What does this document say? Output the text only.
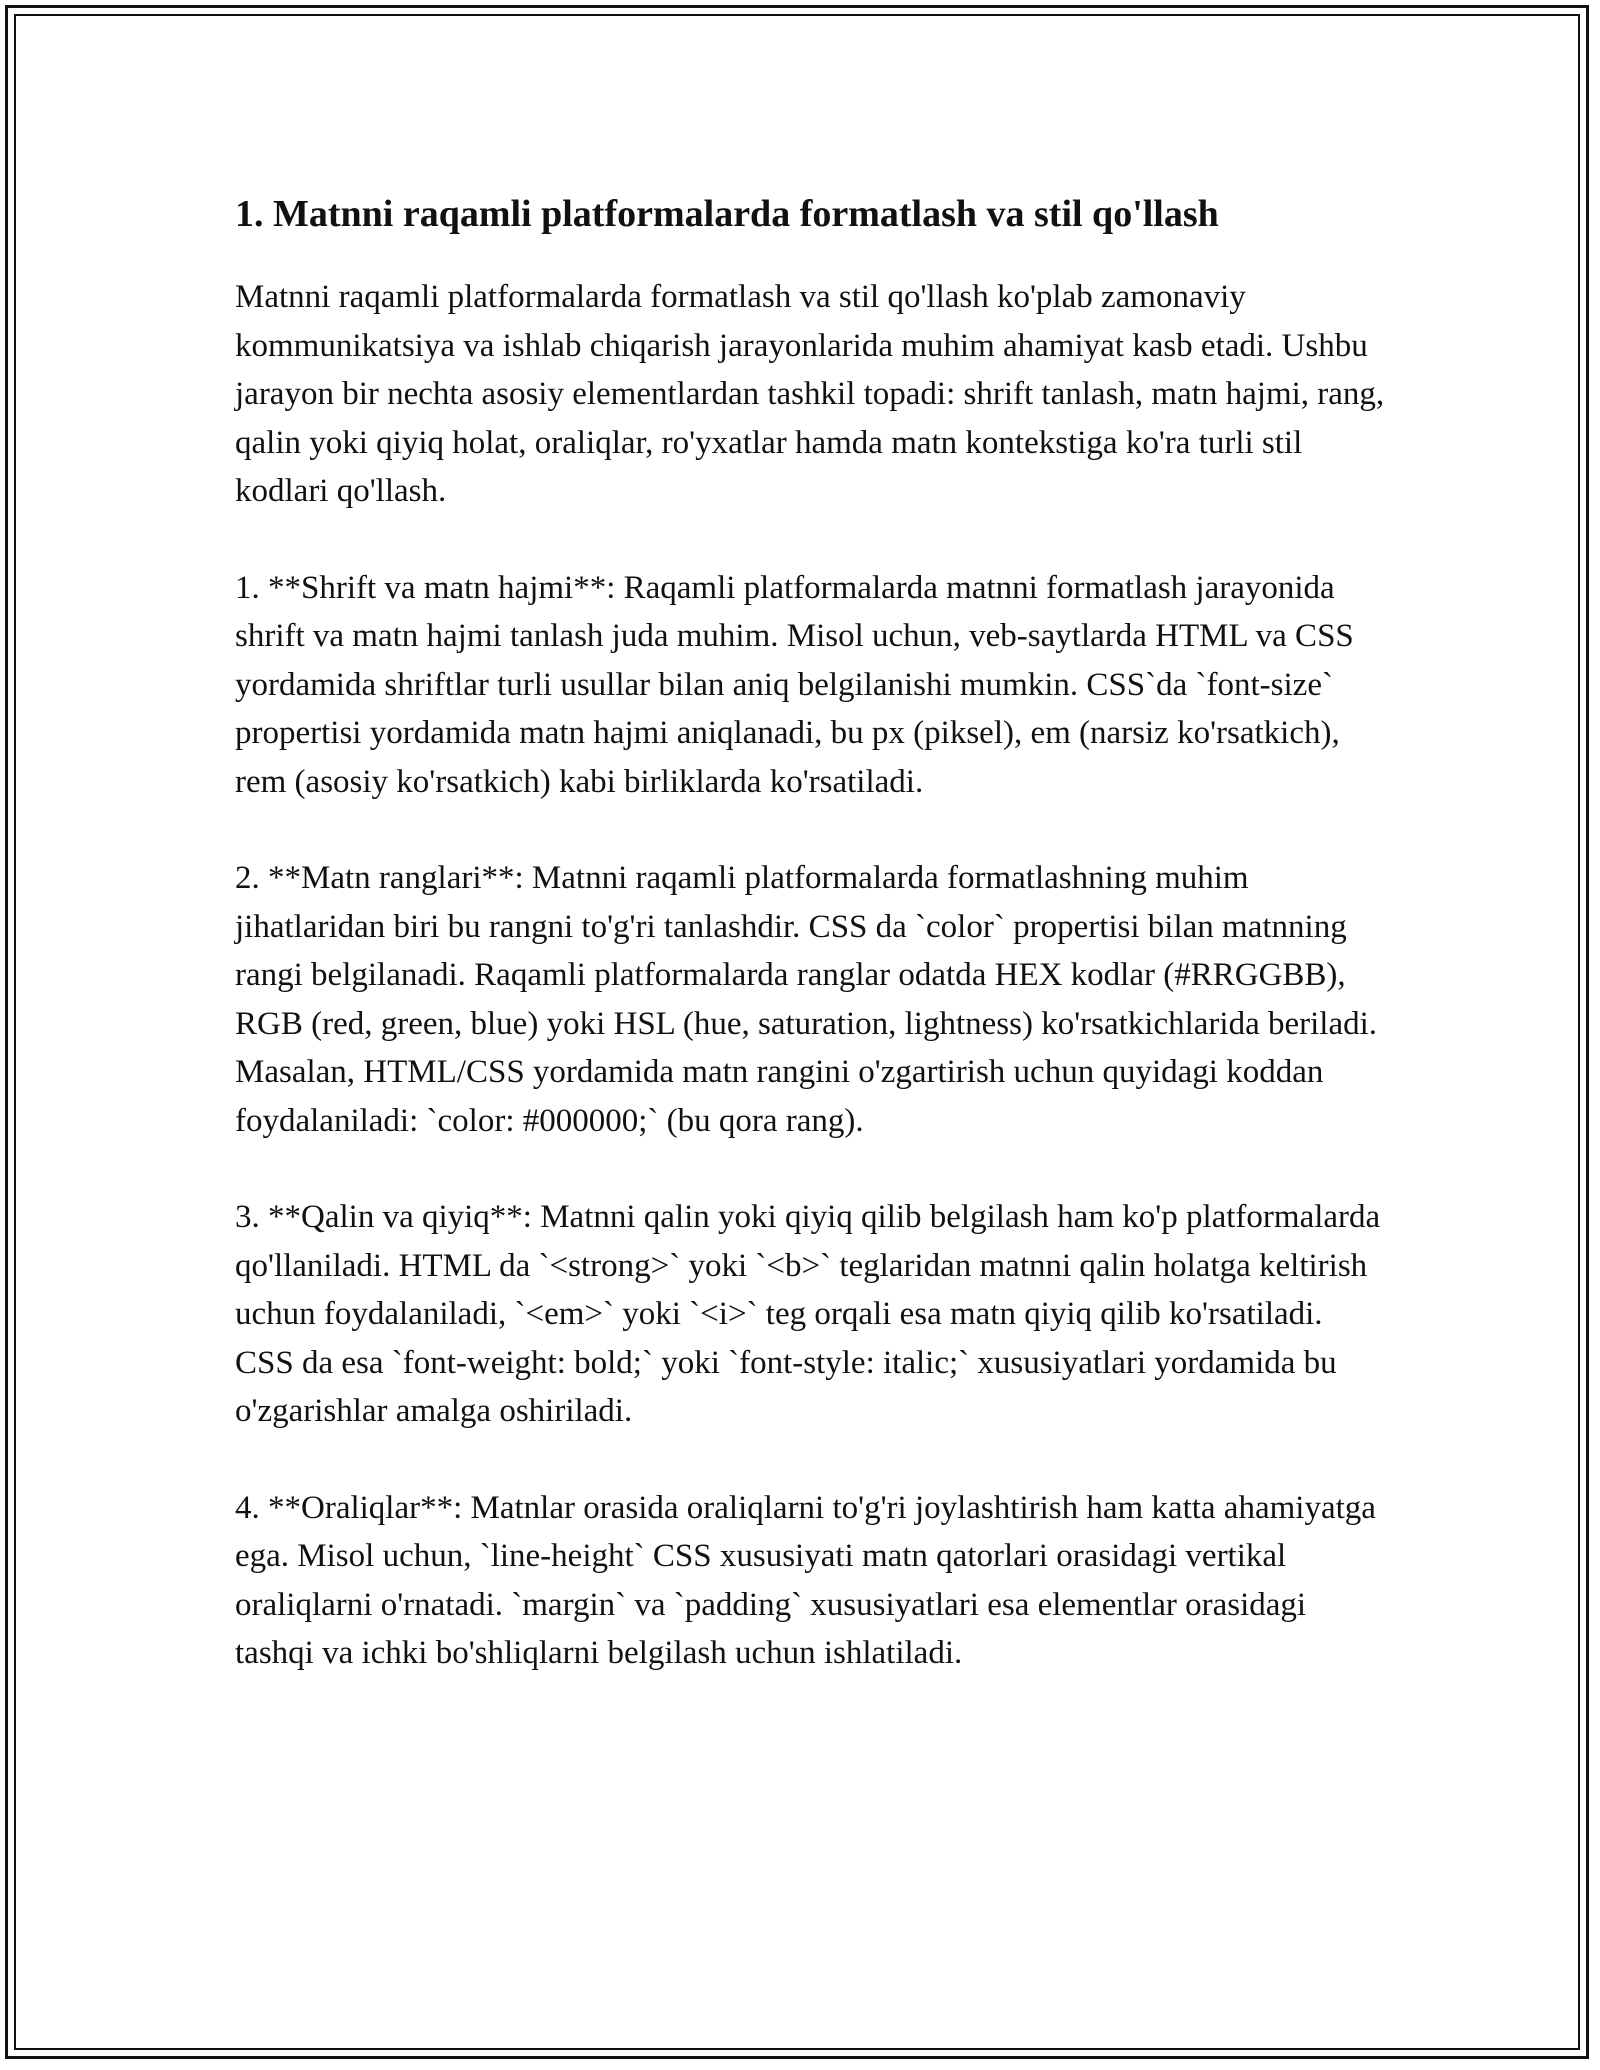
1. Matnni raqamli platformalarda formatlash va stil qo'llash

Matnni raqamli platformalarda formatlash va stil qo'llash ko'plab zamonaviy kommunikatsiya va ishlab chiqarish jarayonlarida muhim ahamiyat kasb etadi. Ushbu jarayon bir nechta asosiy elementlardan tashkil topadi: shrift tanlash, matn hajmi, rang, qalin yoki qiyiq holat, oraliqlar, ro'yxatlar hamda matn kontekstiga ko'ra turli stil kodlari qo'llash.

1. **Shrift va matn hajmi**: Raqamli platformalarda matnni formatlash jarayonida shrift va matn hajmi tanlash juda muhim. Misol uchun, veb-saytlarda HTML va CSS yordamida shriftlar turli usullar bilan aniq belgilanishi mumkin. CSS`da `font-size` propertisi yordamida matn hajmi aniqlanadi, bu px (piksel), em (narsiz ko'rsatkich), rem (asosiy ko'rsatkich) kabi birliklarda ko'rsatiladi.

2. **Matn ranglari**: Matnni raqamli platformalarda formatlashning muhim jihatlaridan biri bu rangni to'g'ri tanlashdir. CSS da `color` propertisi bilan matnning rangi belgilanadi. Raqamli platformalarda ranglar odatda HEX kodlar (#RRGGBB), RGB (red, green, blue) yoki HSL (hue, saturation, lightness) ko'rsatkichlarida beriladi. Masalan, HTML/CSS yordamida matn rangini o'zgartirish uchun quyidagi koddan foydalaniladi: `color: #000000;` (bu qora rang).

3. **Qalin va qiyiq**: Matnni qalin yoki qiyiq qilib belgilash ham ko'p platformalarda qo'llaniladi. HTML da `<strong>` yoki `<b>` teglaridan matnni qalin holatga keltirish uchun foydalaniladi, `<em>` yoki `<i>` teg orqali esa matn qiyiq qilib ko'rsatiladi. CSS da esa `font-weight: bold;` yoki `font-style: italic;` xususiyatlari yordamida bu o'zgarishlar amalga oshiriladi.

4. **Oraliqlar**: Matnlar orasida oraliqlarni to'g'ri joylashtirish ham katta ahamiyatga ega. Misol uchun, `line-height` CSS xususiyati matn qatorlari orasidagi vertikal oraliqlarni o'rnatadi. `margin` va `padding` xususiyatlari esa elementlar orasidagi tashqi va ichki bo'shliqlarni belgilash uchun ishlatiladi.
